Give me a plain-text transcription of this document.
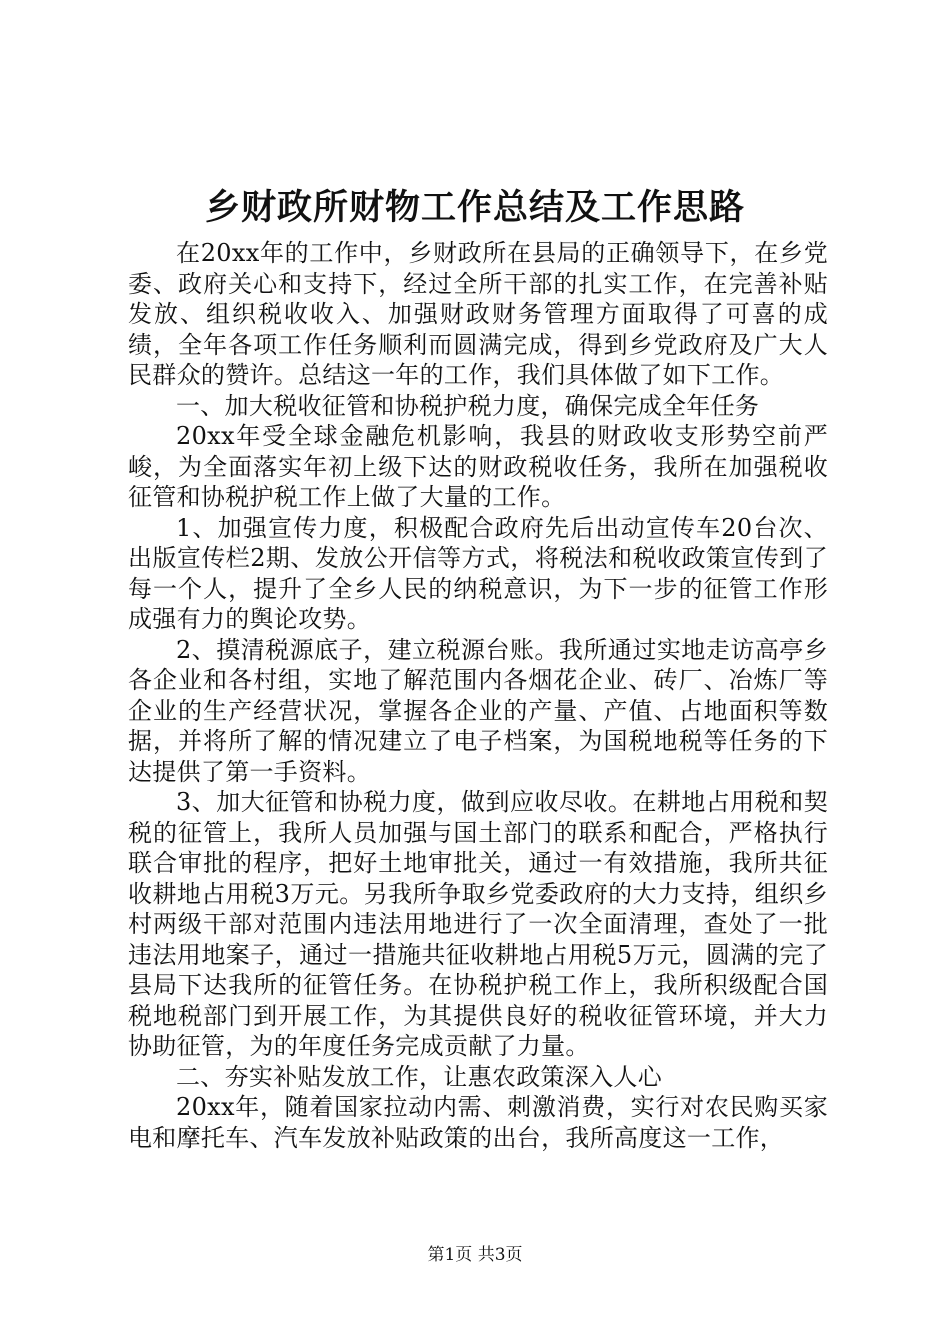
乡财政所财物工作总结及工作思路

在20xx年的工作中，乡财政所在县局的正确领导下，在乡党委、政府关心和支持下，经过全所干部的扎实工作，在完善补贴发放、组织税收收入、加强财政财务管理方面取得了可喜的成绩，全年各项工作任务顺利而圆满完成，得到乡党政府及广大人民群众的赞许。总结这一年的工作，我们具体做了如下工作。

一、加大税收征管和协税护税力度，确保完成全年任务

20xx年受全球金融危机影响，我县的财政收支形势空前严峻，为全面落实年初上级下达的财政税收任务，我所在加强税收征管和协税护税工作上做了大量的工作。

1、加强宣传力度，积极配合政府先后出动宣传车20台次、出版宣传栏2期、发放公开信等方式，将税法和税收政策宣传到了每一个人，提升了全乡人民的纳税意识，为下一步的征管工作形成强有力的舆论攻势。

2、摸清税源底子，建立税源台账。我所通过实地走访高亭乡各企业和各村组，实地了解范围内各烟花企业、砖厂、冶炼厂等企业的生产经营状况，掌握各企业的产量、产值、占地面积等数据，并将所了解的情况建立了电子档案，为国税地税等任务的下达提供了第一手资料。

3、加大征管和协税力度，做到应收尽收。在耕地占用税和契税的征管上，我所人员加强与国土部门的联系和配合，严格执行联合审批的程序，把好土地审批关，通过一有效措施，我所共征收耕地占用税3万元。另我所争取乡党委政府的大力支持，组织乡村两级干部对范围内违法用地进行了一次全面清理，查处了一批违法用地案子，通过一措施共征收耕地占用税5万元，圆满的完了县局下达我所的征管任务。在协税护税工作上，我所积级配合国税地税部门到开展工作，为其提供良好的税收征管环境，并大力协助征管，为的年度任务完成贡献了力量。

二、夯实补贴发放工作，让惠农政策深入人心

20xx年，随着国家拉动内需、刺激消费，实行对农民购买家电和摩托车、汽车发放补贴政策的出台，我所高度这一工作，

第1页 共3页
